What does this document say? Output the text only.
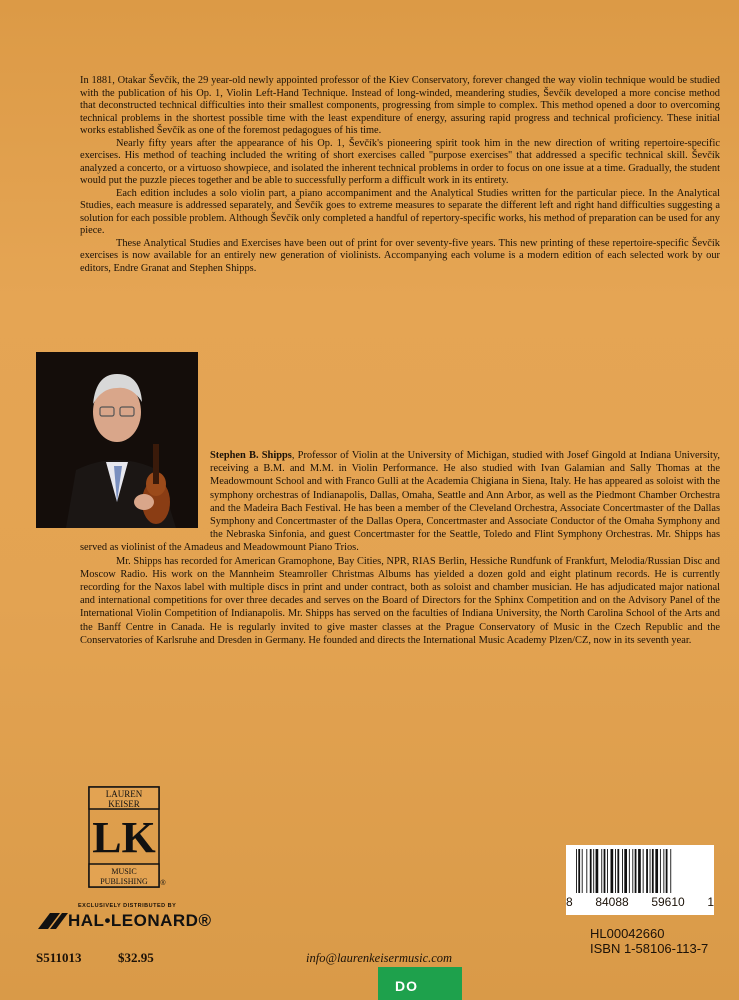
In 1881, Otakar Ševčík, the 29 year-old newly appointed professor of the Kiev Conservatory, forever changed the way violin technique would be studied with the publication of his Op. 1, Violin Left-Hand Technique. Instead of long-winded, meandering studies, Ševčík developed a more concise method that deconstructed technical difficulties into their smallest components, progressing from simple to complex. This method opened a door to overcoming technical problems in the shortest possible time with the least expenditure of energy, assuring rapid progress and technical proficiency. These initial works established Ševčík as one of the foremost pedagogues of his time.

Nearly fifty years after the appearance of his Op. 1, Ševčík's pioneering spirit took him in the new direction of writing repertoire-specific exercises. His method of teaching included the writing of short exercises called "purpose exercises" that addressed a specific technical skill. Ševčík analyzed a concerto, or a virtuoso showpiece, and isolated the inherent technical problems in order to focus on one issue at a time. Gradually, the student would put the puzzle pieces together and be able to successfully perform a difficult work in its entirety.

Each edition includes a solo violin part, a piano accompaniment and the Analytical Studies written for the particular piece. In the Analytical Studies, each measure is addressed separately, and Ševčík goes to extreme measures to separate the different left and right hand difficulties suggesting a solution for each possible problem. Although Ševčík only completed a handful of repertory-specific works, his method of preparation can be used for any piece.

These Analytical Studies and Exercises have been out of print for over seventy-five years. This new printing of these repertoire-specific Ševčík exercises is now available for an entirely new generation of violinists. Accompanying each volume is a modern edition of each selected work by our editors, Endre Granat and Stephen Shipps.

Stephen B. Shipps, Professor of Violin at the University of Michigan, studied with Josef Gingold at Indiana University, receiving a B.M. and M.M. in Violin Performance. He also studied with Ivan Galamian and Sally Thomas at the Meadowmount School and with Franco Gulli at the Academia Chigiana in Siena, Italy. He has appeared as soloist with the symphony orchestras of Indianapolis, Dallas, Omaha, Seattle and Ann Arbor, as well as the Piedmont Chamber Orchestra and the Madeira Bach Festival. He has been a member of the Cleveland Orchestra, Associate Concertmaster of the Dallas Symphony and Concertmaster of the Dallas Opera, Concertmaster and Associate Conductor of the Omaha Symphony and the Nebraska Sinfonia, and guest Concertmaster for the Seattle, Toledo and Flint Symphony Orchestras. Mr. Shipps has served as violinist of the Amadeus and Meadowmount Piano Trios.

Mr. Shipps has recorded for American Gramophone, Bay Cities, NPR, RIAS Berlin, Hessiche Rundfunk of Frankfurt, Melodia/Russian Disc and Moscow Radio. His work on the Mannheim Steamroller Christmas Albums has yielded a dozen gold and eight platinum records. He is currently recording for the Naxos label with multiple discs in print and under contract, both as soloist and chamber musician. He has adjudicated major national and international competitions for over three decades and serves on the Board of Directors for the Sphinx Competition and on the Advisory Panel of the International Violin Competition of Indianapolis. Mr. Shipps has served on the faculties of Indiana University, the North Carolina School of the Arts and the Banff Centre in Canada. He is regularly invited to give master classes at the Prague Conservatory of Music in the Czech Republic and the Conservatories of Karlsruhe and Dresden in Germany. He founded and directs the International Music Academy Plzen/CZ, now in its seventh year.

LAUREN
KEISER
LK
MUSIC
PUBLISHING ®
EXCLUSIVELY DISTRIBUTED BY
HAL•LEONARD®
S511013	$32.95	info@laurenkeisermusic.com
8 84088 59610 1
HL00042660
ISBN 1-58106-113-7
DO
